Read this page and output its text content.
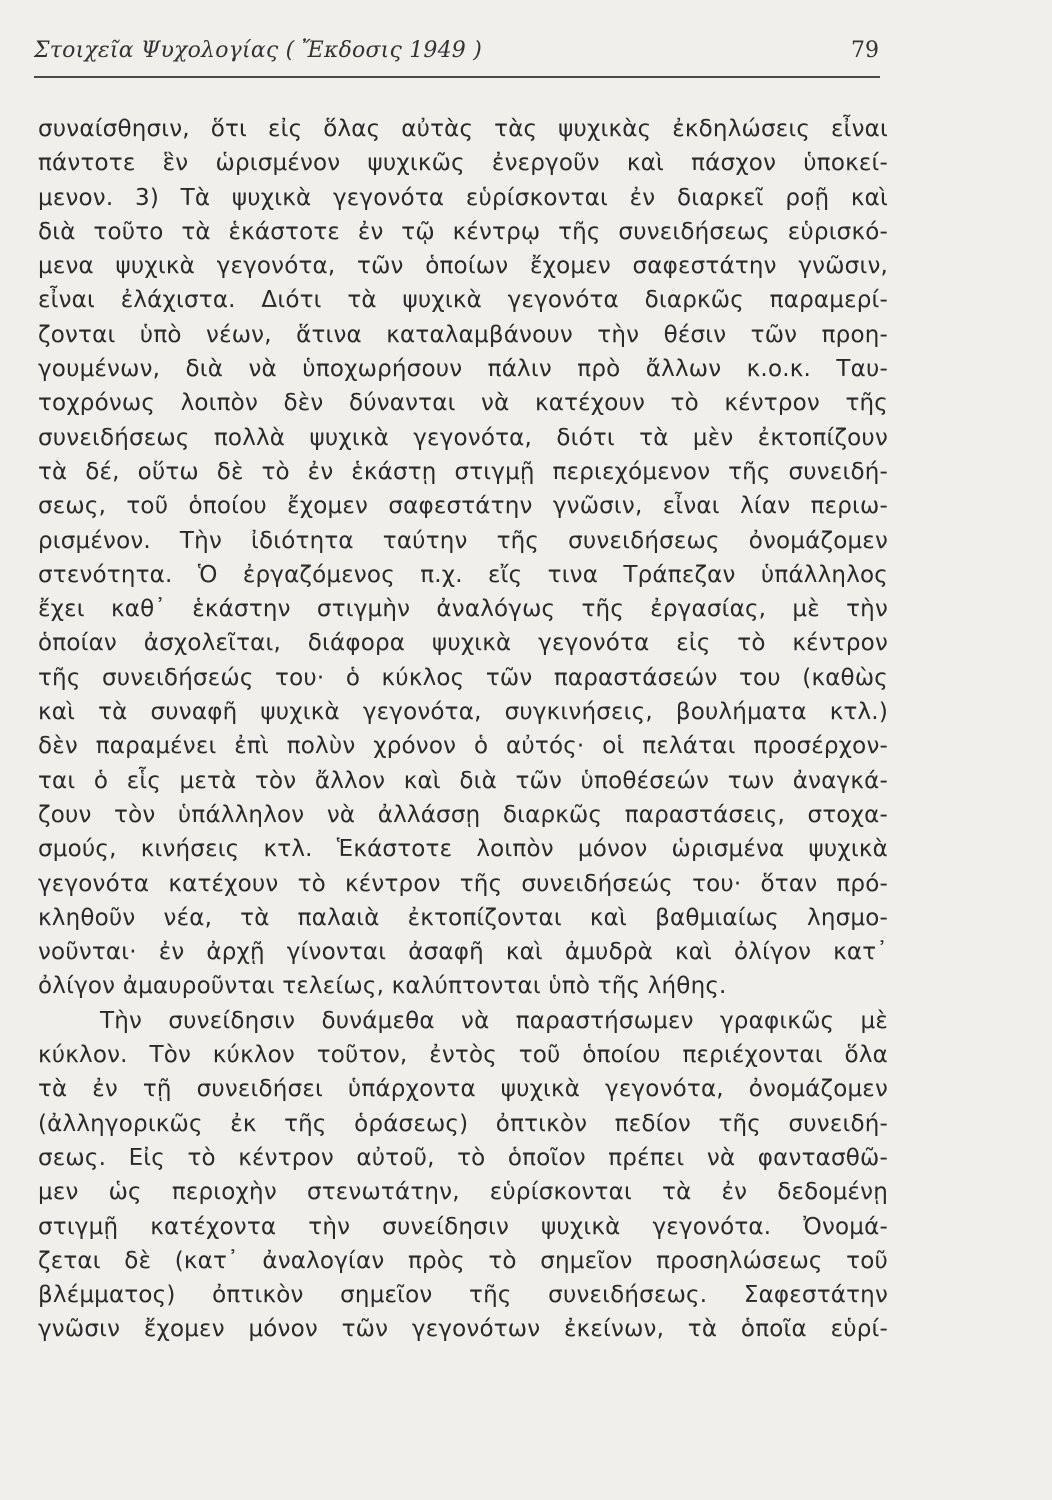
Στοιχεῖα Ψυχολογίας ( Ἔκδοσις 1949 )	79
συναίσθησιν, ὅτι εἰς ὅλας αὐτὰς τὰς ψυχικὰς ἐκδηλώσεις εἶναι
πάντοτε ἓν ὡρισμένον ψυχικῶς ἐνεργοῦν καὶ πάσχον ὑποκεί-
μενον. 3) Τὰ ψυχικὰ γεγονότα εὑρίσκονται ἐν διαρκεῖ ροῇ καὶ
διὰ τοῦτο τὰ ἑκάστοτε ἐν τῷ κέντρῳ τῆς συνειδήσεως εὑρισκό-
μενα ψυχικὰ γεγονότα, τῶν ὁποίων ἔχομεν σαφεστάτην γνῶσιν,
εἶναι ἐλάχιστα. Διότι τὰ ψυχικὰ γεγονότα διαρκῶς παραμερί-
ζονται ὑπὸ νέων, ἅτινα καταλαμβάνουν τὴν θέσιν τῶν προη-
γουμένων, διὰ νὰ ὑποχωρήσουν πάλιν πρὸ ἄλλων κ.ο.κ. Ταυ-
τοχρόνως λοιπὸν δὲν δύνανται νὰ κατέχουν τὸ κέντρον τῆς
συνειδήσεως πολλὰ ψυχικὰ γεγονότα, διότι τὰ μὲν ἐκτοπίζουν
τὰ δέ, οὕτω δὲ τὸ ἐν ἑκάστῃ στιγμῇ περιεχόμενον τῆς συνειδή-
σεως, τοῦ ὁποίου ἔχομεν σαφεστάτην γνῶσιν, εἶναι λίαν περιω-
ρισμένον. Τὴν ἰδιότητα ταύτην τῆς συνειδήσεως ὀνομάζομεν
στενότητα. Ὁ ἐργαζόμενος π.χ. εἴς τινα Τράπεζαν ὑπάλληλος
ἔχει καθ᾽ ἑκάστην στιγμὴν ἀναλόγως τῆς ἐργασίας, μὲ τὴν
ὁποίαν ἀσχολεῖται, διάφορα ψυχικὰ γεγονότα εἰς τὸ κέντρον
τῆς συνειδήσεώς του· ὁ κύκλος τῶν παραστάσεών του (καθὼς
καὶ τὰ συναφῆ ψυχικὰ γεγονότα, συγκινήσεις, βουλήματα κτλ.)
δὲν παραμένει ἐπὶ πολὺν χρόνον ὁ αὐτός· οἱ πελάται προσέρχον-
ται ὁ εἷς μετὰ τὸν ἄλλον καὶ διὰ τῶν ὑποθέσεών των ἀναγκά-
ζουν τὸν ὑπάλληλον νὰ ἀλλάσσῃ διαρκῶς παραστάσεις, στοχα-
σμούς, κινήσεις κτλ. Ἑκάστοτε λοιπὸν μόνον ὡρισμένα ψυχικὰ
γεγονότα κατέχουν τὸ κέντρον τῆς συνειδήσεώς του· ὅταν πρό-
κληθοῦν νέα, τὰ παλαιὰ ἐκτοπίζονται καὶ βαθμιαίως λησμο-
νοῦνται· ἐν ἀρχῇ γίνονται ἀσαφῆ καὶ ἀμυδρὰ καὶ ὀλίγον κατ᾽
ὀλίγον ἀμαυροῦνται τελείως, καλύπτονται ὑπὸ τῆς λήθης.
Τὴν συνείδησιν δυνάμεθα νὰ παραστήσωμεν γραφικῶς μὲ
κύκλον. Τὸν κύκλον τοῦτον, ἐντὸς τοῦ ὁποίου περιέχονται ὅλα
τὰ ἐν τῇ συνειδήσει ὑπάρχοντα ψυχικὰ γεγονότα, ὀνομάζομεν
(ἀλληγορικῶς ἐκ τῆς ὁράσεως) ὀπτικὸν πεδίον τῆς συνειδή-
σεως. Εἰς τὸ κέντρον αὐτοῦ, τὸ ὁποῖον πρέπει νὰ φαντασθῶ-
μεν ὡς περιοχὴν στενωτάτην, εὑρίσκονται τὰ ἐν δεδομένῃ
στιγμῇ κατέχοντα τὴν συνείδησιν ψυχικὰ γεγονότα. Ὀνομά-
ζεται δὲ (κατ᾽ ἀναλογίαν πρὸς τὸ σημεῖον προσηλώσεως τοῦ
βλέμματος) ὀπτικὸν σημεῖον τῆς συνειδήσεως. Σαφεστάτην
γνῶσιν ἔχομεν μόνον τῶν γεγονότων ἐκείνων, τὰ ὁποῖα εὑρί-
